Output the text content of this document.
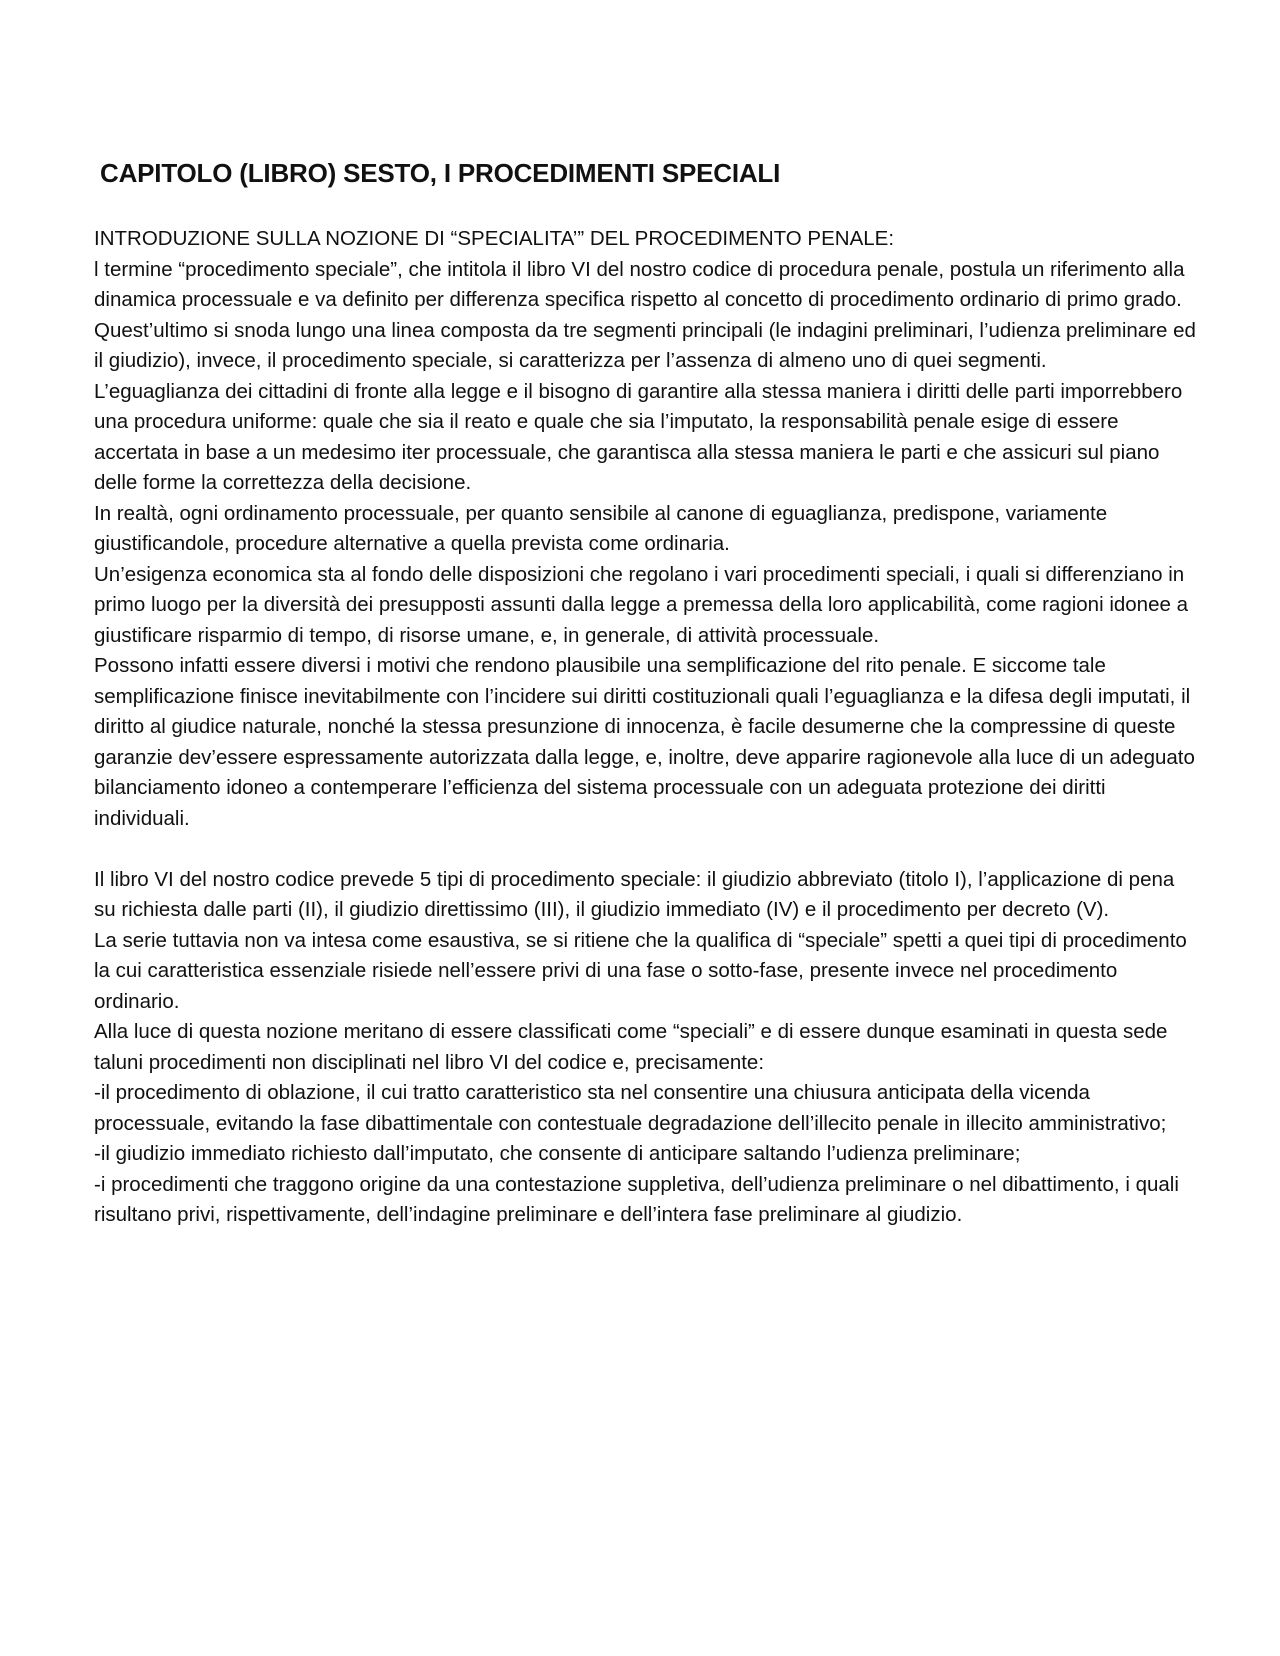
CAPITOLO (LIBRO) SESTO, I PROCEDIMENTI SPECIALI

INTRODUZIONE SULLA NOZIONE DI “SPECIALITA’” DEL PROCEDIMENTO PENALE:

l termine “procedimento speciale”, che intitola il libro VI del nostro codice di procedura penale, postula un riferimento alla dinamica processuale e va definito per differenza specifica rispetto al concetto di procedimento ordinario di primo grado.

Quest’ultimo si snoda lungo una linea composta da tre segmenti principali (le indagini preliminari, l’udienza preliminare ed il giudizio), invece, il procedimento speciale, si caratterizza per l’assenza di almeno uno di quei segmenti.

L’eguaglianza dei cittadini di fronte alla legge e il bisogno di garantire alla stessa maniera i diritti delle parti imporrebbero una procedura uniforme: quale che sia il reato e quale che sia l’imputato, la responsabilità penale esige di essere accertata in base a un medesimo iter processuale, che garantisca alla stessa maniera le parti e che assicuri sul piano delle forme la correttezza della decisione.

In realtà, ogni ordinamento processuale, per quanto sensibile al canone di eguaglianza, predispone, variamente giustificandole, procedure alternative a quella prevista come ordinaria.

Un’esigenza economica sta al fondo delle disposizioni che regolano i vari procedimenti speciali, i quali si differenziano in primo luogo per la diversità dei presupposti assunti dalla legge a premessa della loro applicabilità, come ragioni idonee a giustificare risparmio di tempo, di risorse umane, e, in generale, di attività processuale.

Possono infatti essere diversi i motivi che rendono plausibile una semplificazione del rito penale. E siccome tale semplificazione finisce inevitabilmente con l’incidere sui diritti costituzionali quali l’eguaglianza e la difesa degli imputati, il diritto al giudice naturale, nonché la stessa presunzione di innocenza, è facile desumerne che la compressine di queste garanzie dev’essere espressamente autorizzata dalla legge, e, inoltre, deve apparire ragionevole alla luce di un adeguato bilanciamento idoneo a contemperare l’efficienza del sistema processuale con un adeguata protezione dei diritti individuali.

Il libro VI del nostro codice prevede 5 tipi di procedimento speciale: il giudizio abbreviato (titolo I), l’applicazione di pena su richiesta dalle parti (II), il giudizio direttissimo (III), il giudizio immediato (IV) e il procedimento per decreto (V).

La serie tuttavia non va intesa come esaustiva, se si ritiene che la qualifica di “speciale” spetti a quei tipi di procedimento la cui caratteristica essenziale risiede nell’essere privi di una fase o sotto-fase, presente invece nel procedimento ordinario.

Alla luce di questa nozione meritano di essere classificati come “speciali” e di essere dunque esaminati in questa sede taluni procedimenti non disciplinati nel libro VI del codice e, precisamente:

-il procedimento di oblazione, il cui tratto caratteristico sta nel consentire una chiusura anticipata della vicenda processuale, evitando la fase dibattimentale con contestuale degradazione dell’illecito penale in illecito amministrativo;

-il giudizio immediato richiesto dall’imputato, che consente di anticipare saltando l’udienza preliminare;

-i procedimenti che traggono origine da una contestazione suppletiva, dell’udienza preliminare o nel dibattimento, i quali risultano privi, rispettivamente, dell’indagine preliminare e dell’intera fase preliminare al giudizio.
